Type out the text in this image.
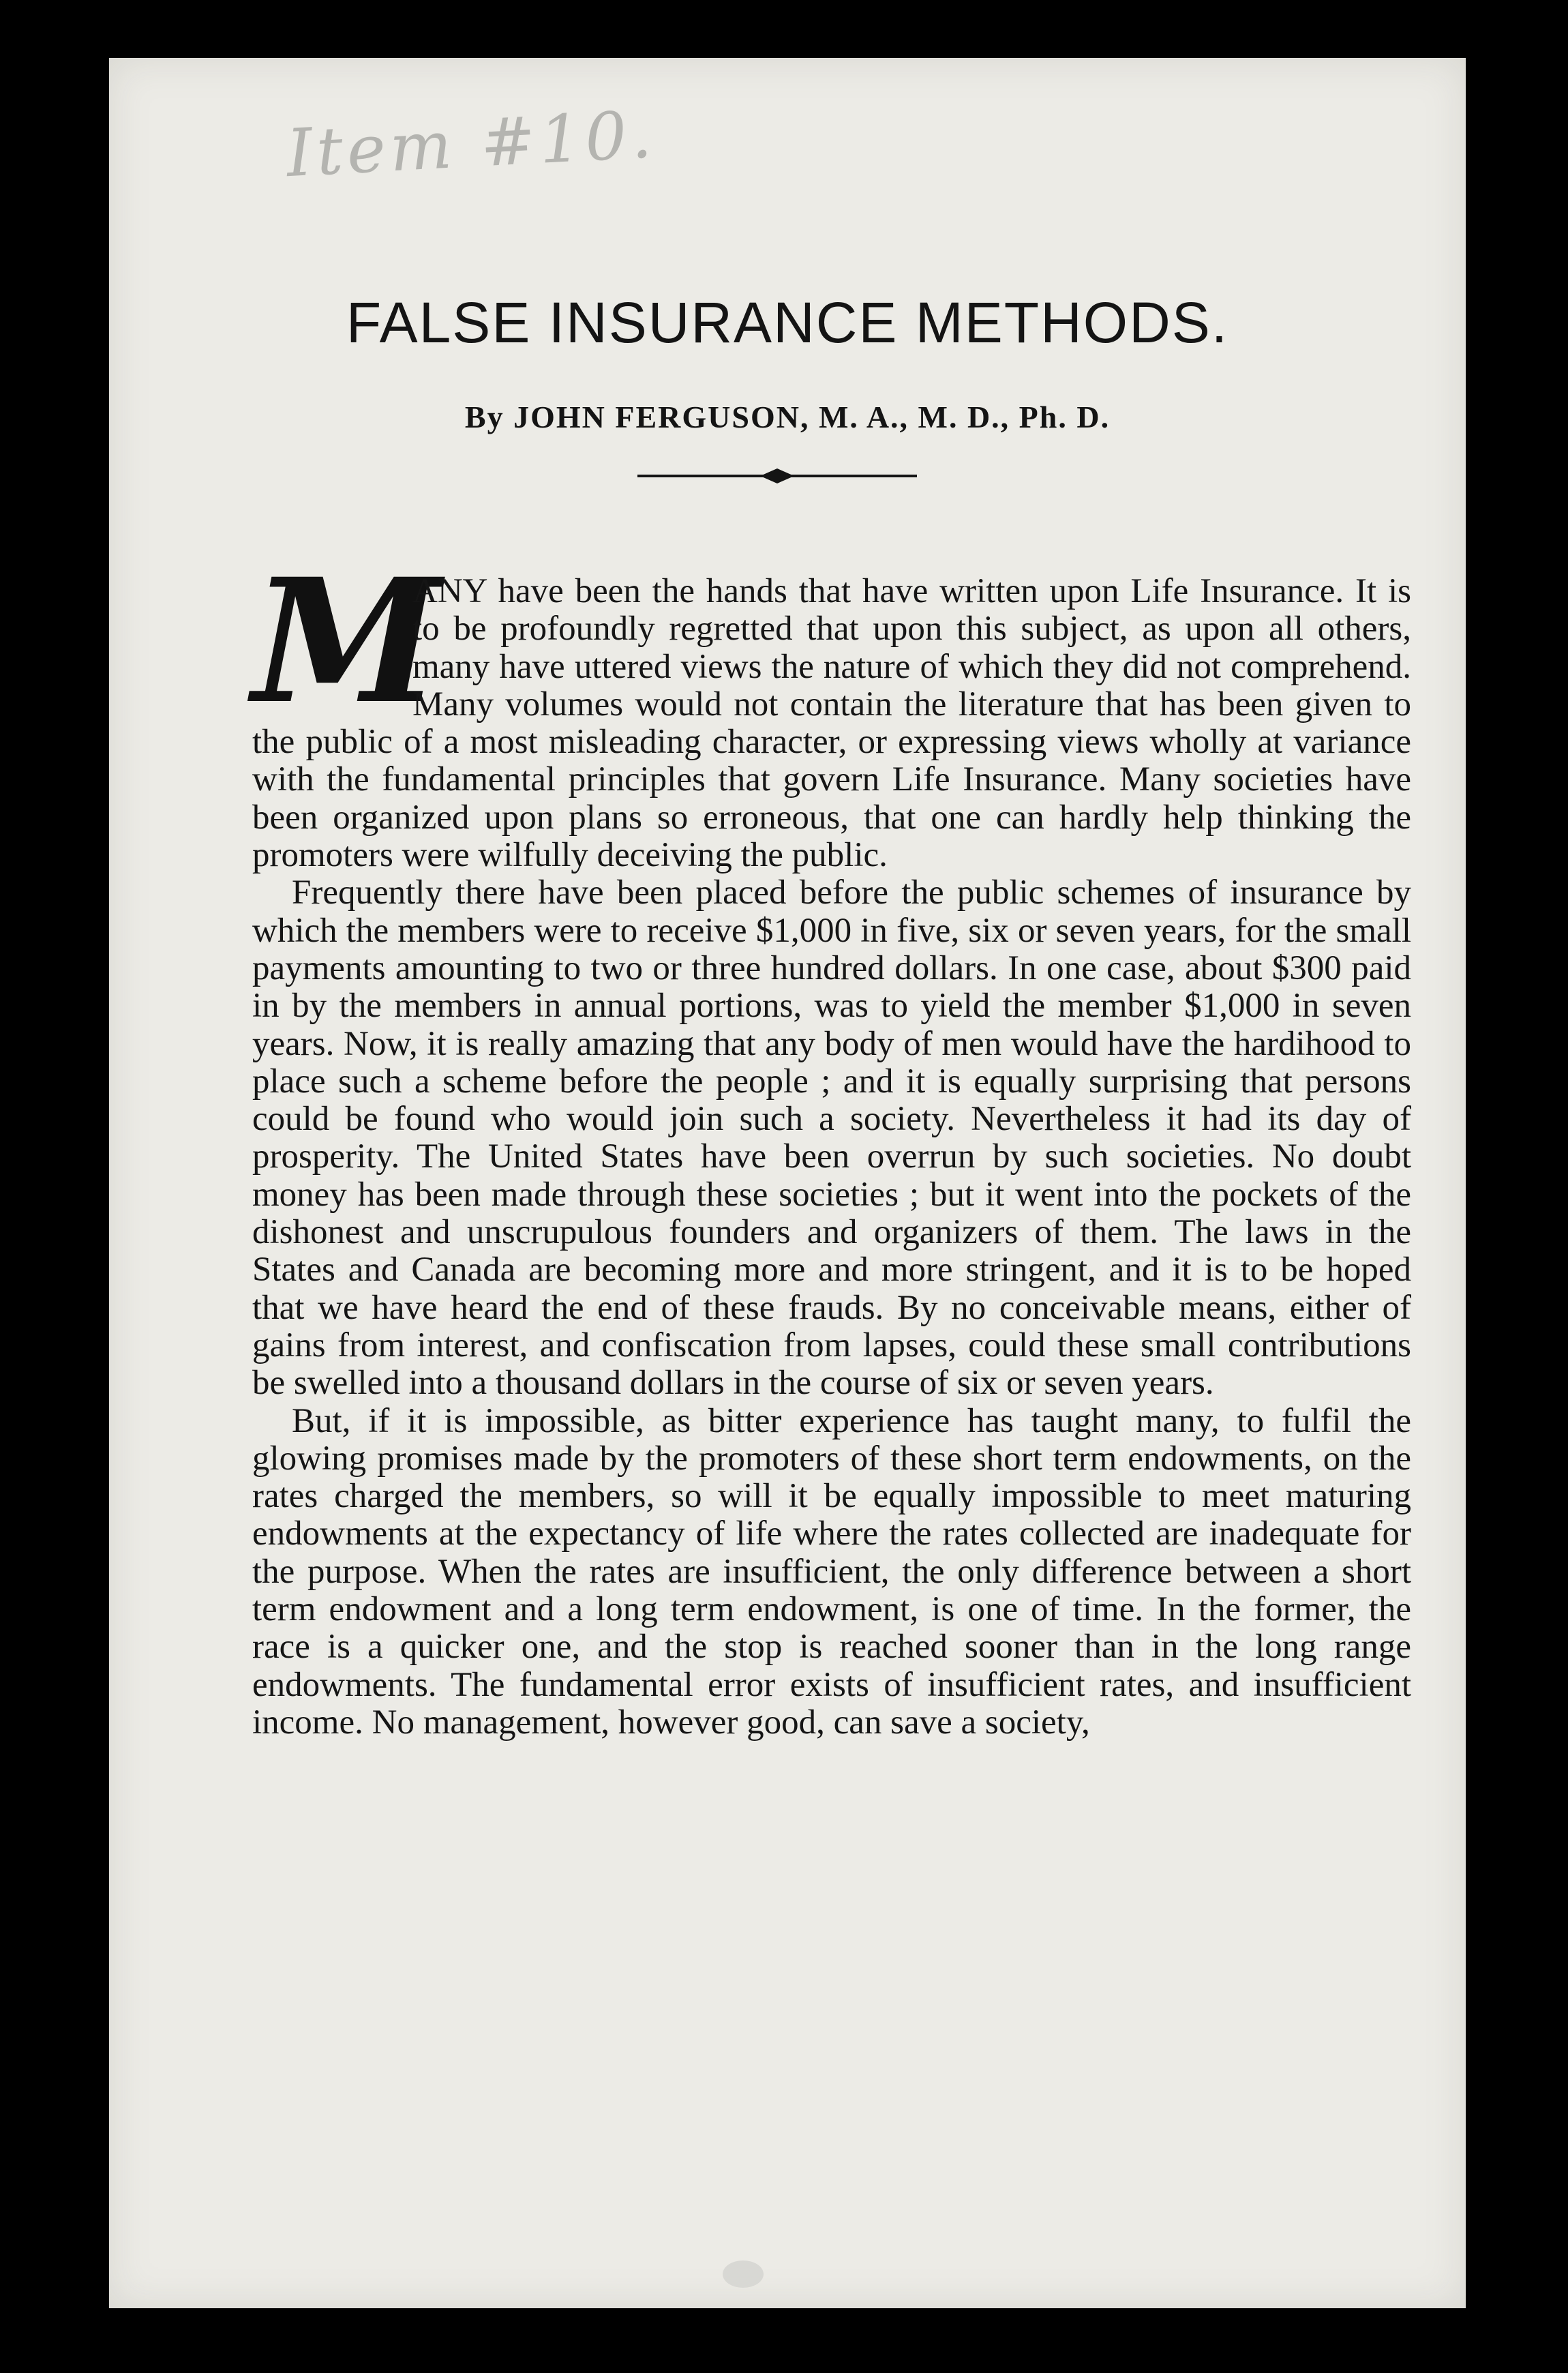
Item #10.
FALSE INSURANCE METHODS.
By JOHN FERGUSON, M. A., M. D., Ph. D.

M
ANY have been the hands that have written upon Life Insurance. It is to be profoundly regretted that upon this subject, as upon all others, many have uttered views the nature of which they did not comprehend. Many volumes would not contain the literature that has been given to the public of a most misleading character, or expressing views wholly at variance with the fundamental principles that govern Life Insurance. Many societies have been organized upon plans so erroneous, that one can hardly help thinking the promoters were wilfully deceiving the public.

Frequently there have been placed before the public schemes of insurance by which the members were to receive $1,000 in five, six or seven years, for the small payments amounting to two or three hundred dollars. In one case, about $300 paid in by the members in annual portions, was to yield the member $1,000 in seven years. Now, it is really amazing that any body of men would have the hardihood to place such a scheme before the people ; and it is equally surprising that persons could be found who would join such a society. Nevertheless it had its day of prosperity. The United States have been overrun by such societies. No doubt money has been made through these societies ; but it went into the pockets of the dishonest and unscrupulous founders and organizers of them. The laws in the States and Canada are becoming more and more stringent, and it is to be hoped that we have heard the end of these frauds. By no conceivable means, either of gains from interest, and confiscation from lapses, could these small contributions be swelled into a thousand dollars in the course of six or seven years.

But, if it is impossible, as bitter experience has taught many, to fulfil the glowing promises made by the promoters of these short term endowments, on the rates charged the members, so will it be equally impossible to meet maturing endowments at the expectancy of life where the rates collected are inadequate for the purpose. When the rates are insufficient, the only difference between a short term endowment and a long term endowment, is one of time. In the former, the race is a quicker one, and the stop is reached sooner than in the long range endowments. The fundamental error exists of insufficient rates, and insufficient income. No management, however good, can save a society,
